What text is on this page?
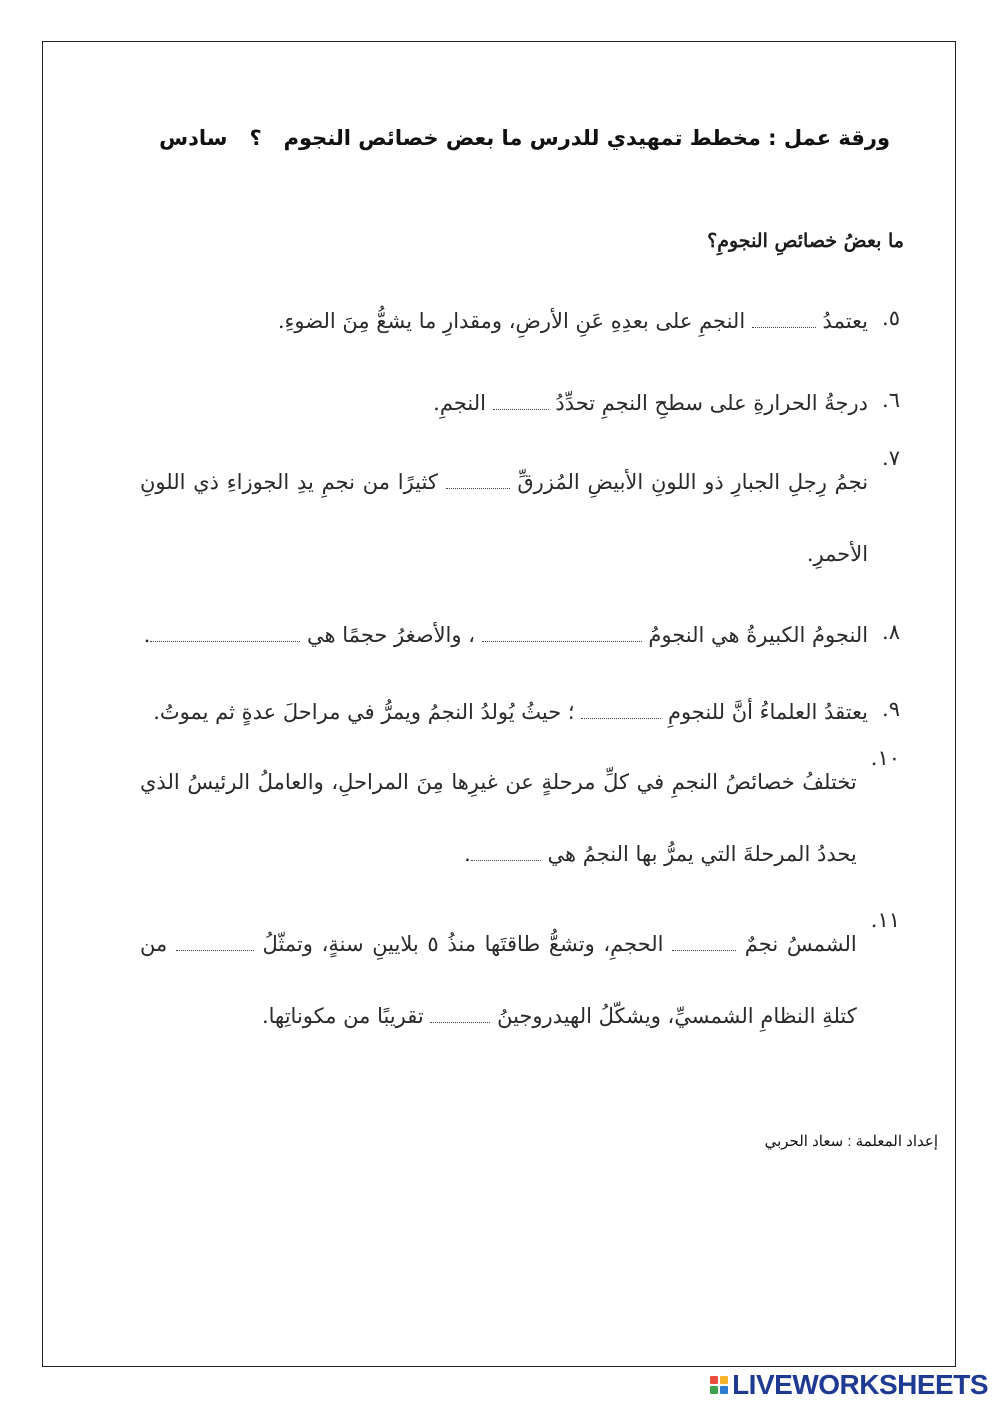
ورقة عمل : مخطط تمهيدي للدرس ما بعض خصائص النجوم؟سادس
ما بعضُ خصائصِ النجومِ؟
٥.
يعتمدُ  النجمِ على بعدِهِ عَنِ الأرضِ، ومقدارِ ما يشعُّ مِنَ الضوءِ.
٦.
درجةُ الحرارةِ على سطحِ النجمِ تحدِّدُ  النجمِ.
٧.
نجمُ رِجلِ الجبارِ ذو اللونِ الأبيضِ المُزرقِّ  كثيرًا من نجمِ يدِ الجوزاءِ ذي اللونِ الأحمرِ.
٨.
النجومُ الكبيرةُ هي النجومُ  ، والأصغرُ حجمًا هي .
٩.
يعتقدُ العلماءُ أنَّ للنجومِ  ؛ حيثُ يُولدُ النجمُ ويمرُّ في مراحلَ عدةٍ ثم يموتُ.
١٠.
تختلفُ خصائصُ النجمِ في كلِّ مرحلةٍ عن غيرِها مِنَ المراحلِ، والعاملُ الرئيسُ الذي يحددُ المرحلةَ التي يمرُّ بها النجمُ هي .
١١.
الشمسُ نجمٌ  الحجمِ، وتشعُّ طاقتَها منذُ ٥ بلايينِ سنةٍ، وتمثّلُ  من كتلةِ النظامِ الشمسيِّ، ويشكّلُ الهيدروجينُ  تقريبًا من مكوناتِها.
إعداد المعلمة : سعاد الحربي
LIVEWORKSHEETS
